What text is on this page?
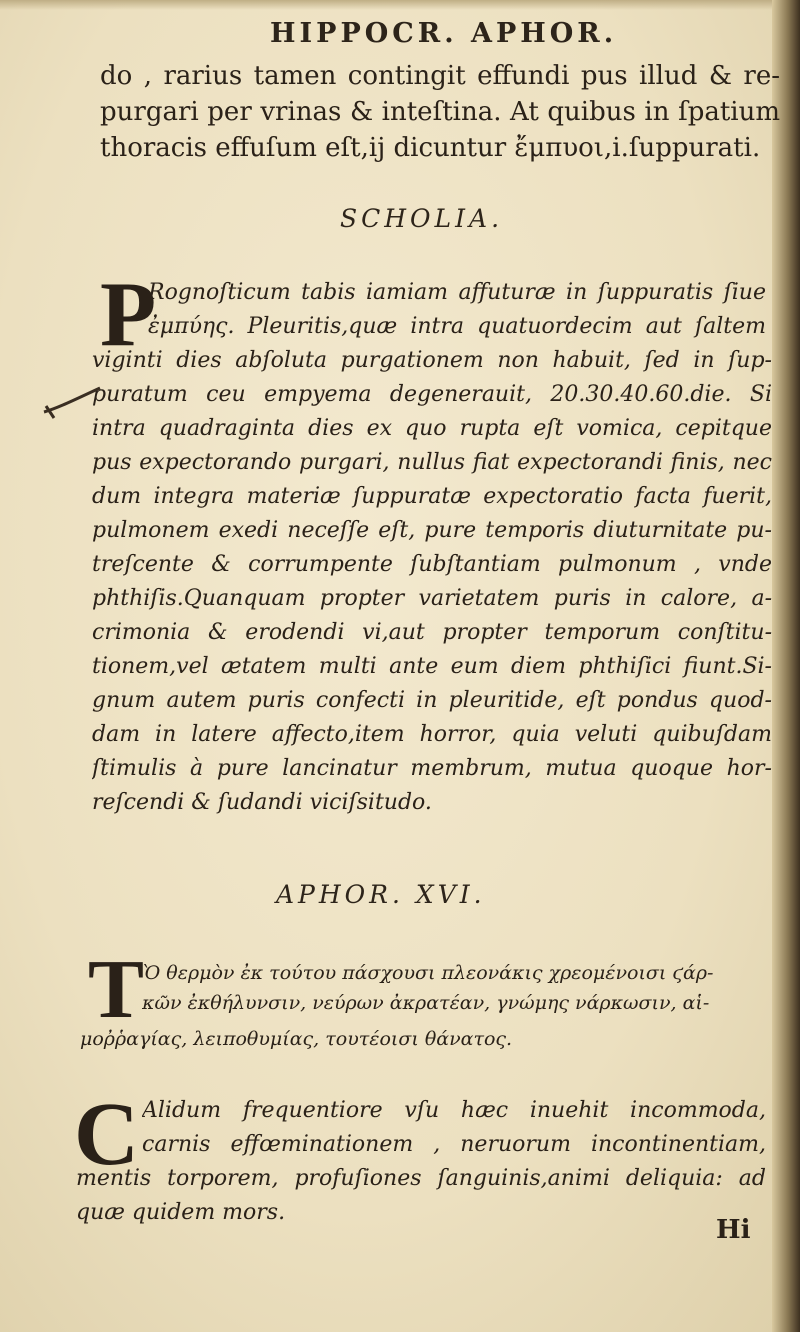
HIPPOCR. APHOR.
do , rarius tamen contingit effundi pus illud & re-
purgari per vrinas & inteſtina. At quibus in ſpatium
thoracis effuſum eſt,ij dicuntur ἔμπυοι,i.ſuppurati.
SCHOLIA.
P
Rognoſticum tabis iamiam affuturæ in ſuppuratis ſiue
ἐμπύης. Pleuritis,quæ intra quatuordecim aut ſaltem
viginti dies abſoluta purgationem non habuit, ſed in ſup-
puratum ceu empyema degenerauit, 20.30.40.60.die. Si
intra quadraginta dies ex quo rupta eſt vomica, cepitque
pus expectorando purgari, nullus fiat expectorandi finis, nec
dum integra materiæ ſuppuratæ expectoratio facta fuerit,
pulmonem exedi neceſſe eſt, pure temporis diuturnitate pu-
treſcente & corrumpente ſubſtantiam pulmonum , vnde
phthiſis.Quanquam propter varietatem puris in calore, a-
crimonia & erodendi vi,aut propter temporum conſtitu-
tionem,vel ætatem multi ante eum diem phthiſici fiunt.Si-
gnum autem puris confecti in pleuritide, eſt pondus quod-
dam in latere affecto,item horror, quia veluti quibuſdam
ſtimulis à pure lancinatur membrum, mutua quoque hor-
reſcendi & ſudandi viciſsitudo.
APHOR. XVI.
T
Ὸ θερμὸν ἐκ τούτου πάσχουσι πλεονάκις χρεομένοισι ϛάρ-
κῶν ἐκθήλυνσιν, νεύρων ἀκρατέαν, γνώμης νάρκωσιν, αἱ-
μοῤῥαγίας, λειποθυμίας, τουτέοισι θάνατος.
C Alidum frequentiore vſu hæc inuehit incommoda,
carnis effœminationem , neruorum incontinentiam,
mentis torporem, profuſiones ſanguinis,animi deliquia: ad
quæ quidem mors.
Hi
